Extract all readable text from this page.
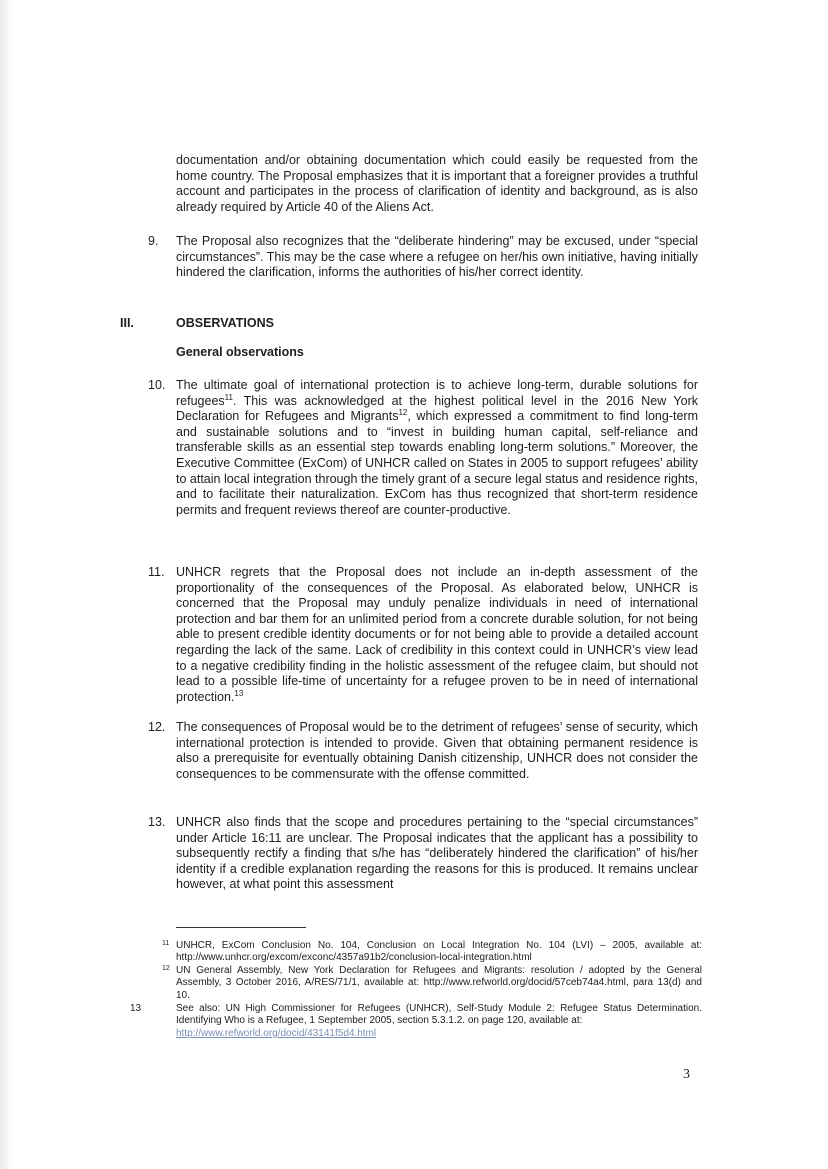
documentation and/or obtaining documentation which could easily be requested from the home country. The Proposal emphasizes that it is important that a foreigner provides a truthful account and participates in the process of clarification of identity and background, as is also already required by Article 40 of the Aliens Act.

9. The Proposal also recognizes that the “deliberate hindering” may be excused, under “special circumstances”. This may be the case where a refugee on her/his own initiative, having initially hindered the clarification, informs the authorities of his/her correct identity.

III.	OBSERVATIONS
General observations
10. The ultimate goal of international protection is to achieve long-term, durable solutions for refugees$^{11}$. This was acknowledged at the highest political level in the 2016 New York Declaration for Refugees and Migrants$^{12}$, which expressed a commitment to find long-term and sustainable solutions and to “invest in building human capital, self-reliance and transferable skills as an essential step towards enabling long-term solutions.” Moreover, the Executive Committee (ExCom) of UNHCR called on States in 2005 to support refugees’ ability to attain local integration through the timely grant of a secure legal status and residence rights, and to facilitate their naturalization. ExCom has thus recognized that short-term residence permits and frequent reviews thereof are counter-productive.

11. UNHCR regrets that the Proposal does not include an in-depth assessment of the proportionality of the consequences of the Proposal. As elaborated below, UNHCR is concerned that the Proposal may unduly penalize individuals in need of international protection and bar them for an unlimited period from a concrete durable solution, for not being able to present credible identity documents or for not being able to provide a detailed account regarding the lack of the same. Lack of credibility in this context could in UNHCR’s view lead to a negative credibility finding in the holistic assessment of the refugee claim, but should not lead to a possible life-time of uncertainty for a refugee proven to be in need of international protection.$^{13}$

12. The consequences of Proposal would be to the detriment of refugees’ sense of security, which international protection is intended to provide. Given that obtaining permanent residence is also a prerequisite for eventually obtaining Danish citizenship, UNHCR does not consider the consequences to be commensurate with the offense committed.

13. UNHCR also finds that the scope and procedures pertaining to the “special circumstances” under Article 16:11 are unclear. The Proposal indicates that the applicant has a possibility to subsequently rectify a finding that s/he has “deliberately hindered the clarification” of his/her identity if a credible explanation regarding the reasons for this is produced. It remains unclear however, at what point this assessment

11 UNHCR, ExCom Conclusion No. 104, Conclusion on Local Integration No. 104 (LVI) – 2005, available at: http://www.unhcr.org/excom/exconc/4357a91b2/conclusion-local-integration.html
12 UN General Assembly, New York Declaration for Refugees and Migrants: resolution / adopted by the General Assembly, 3 October 2016, A/RES/71/1, available at: http://www.refworld.org/docid/57ceb74a4.html, para 13(d) and 10.
13	See also: UN High Commissioner for Refugees (UNHCR), Self-Study Module 2: Refugee Status Determination. Identifying Who is a Refugee, 1 September 2005, section 5.3.1.2. on page 120, available at:
http://www.refworld.org/docid/43141f5d4.html
3
